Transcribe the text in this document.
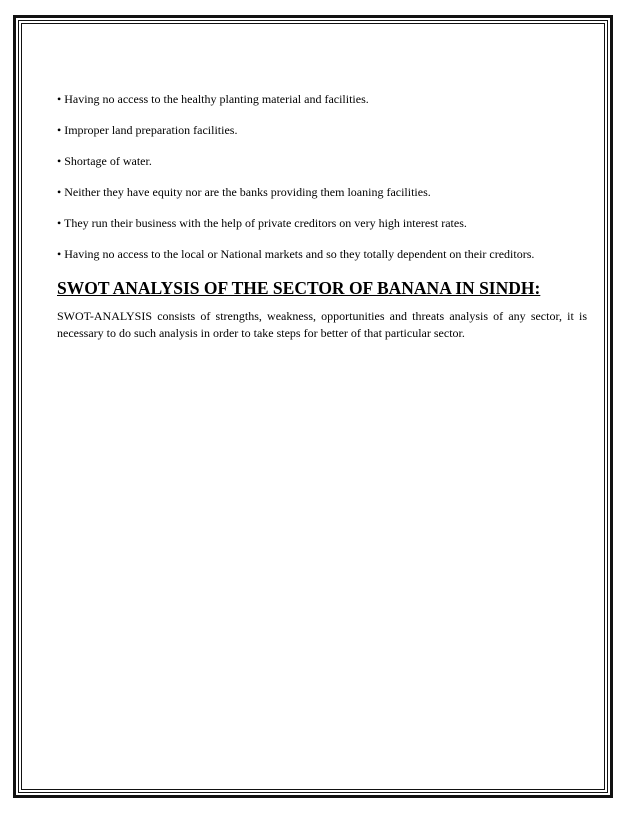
• Having no access to the healthy planting material and facilities.

• Improper land preparation facilities.

• Shortage of water.

• Neither they have equity nor are the banks providing them loaning facilities.

• They run their business with the help of private creditors on very high interest rates.

• Having no access to the local or National markets and so they totally dependent on their creditors.

SWOT ANALYSIS OF THE SECTOR OF BANANA IN SINDH:

SWOT-ANALYSIS consists of strengths, weakness, opportunities and threats analysis of any sector, it is necessary to do such analysis in order to take steps for better of that particular sector.
